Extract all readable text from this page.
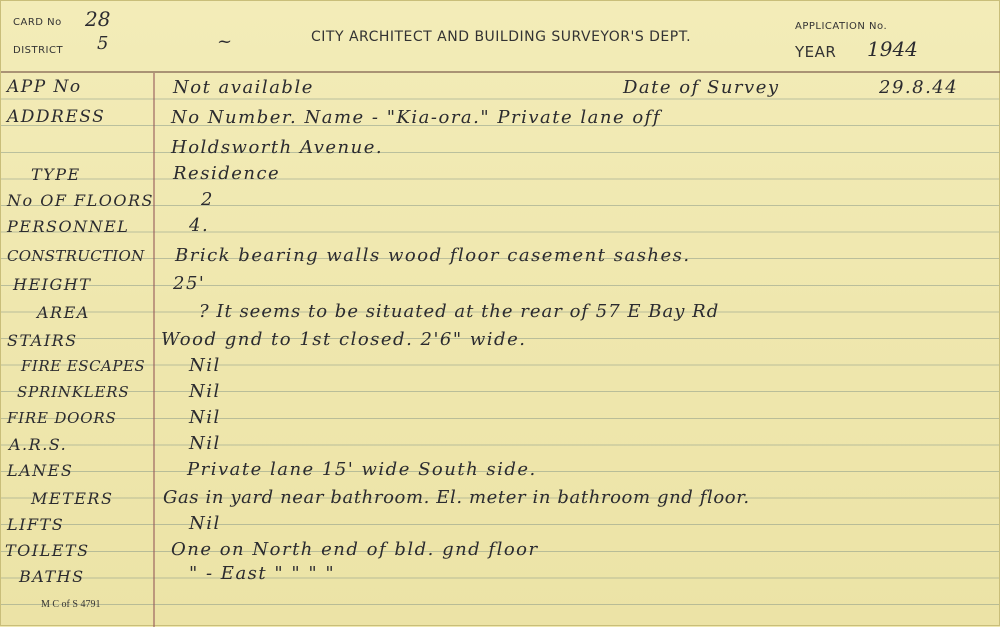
CARD No 28
DISTRICT 5	~	CITY ARCHITECT AND BUILDING SURVEYOR'S DEPT.
APPLICATION No.
YEAR 1944
APP No	Not available	Date of Survey	29.8.44
ADDRESS	No Number. Name - "Kia-ora." Private lane off
Holdsworth Avenue.
TYPE	Residence
No OF FLOORS	2
PERSONNEL	4.
CONSTRUCTION Brick bearing walls wood floor casement sashes.
HEIGHT	25'
AREA	? It seems to be situated at the rear of 57 E Bay Rd
STAIRS	Wood gnd to 1st closed. 2'6" wide.
FIRE ESCAPES Nil
SPRINKLERS	Nil
FIRE DOORS	Nil
A.R.S.	Nil
LANES	Private lane 15' wide South side.
METERS	Gas in yard near bathroom. El. meter in bathroom gnd floor.
LIFTS	Nil
TOILETS	One on North end of bld. gnd floor
BATHS	" - East " " " "
M C of S 4791
